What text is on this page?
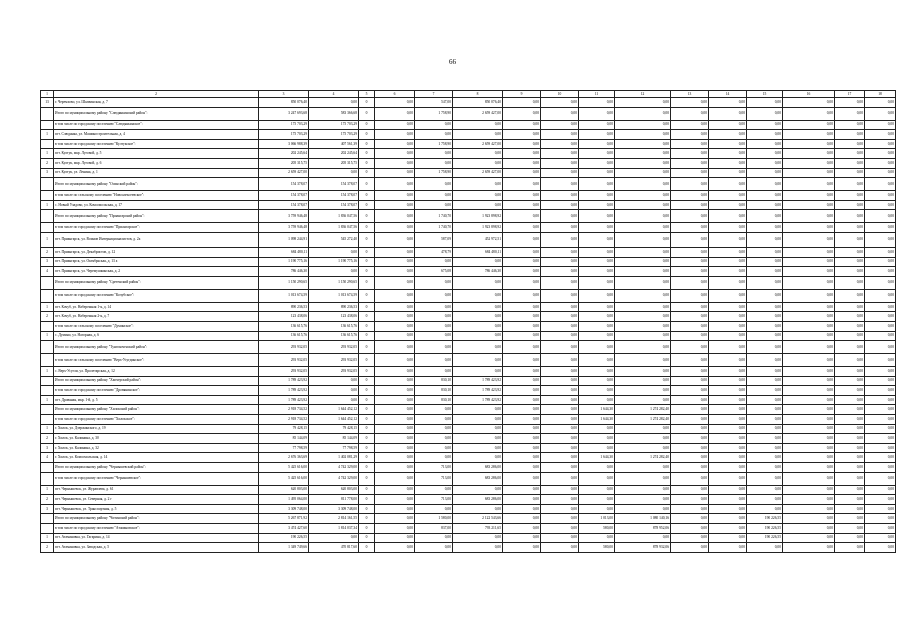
66
1	2	3	4	5	6	7	8	9	10	11	12	13	14	15	16	17	18
13	г. Черемхово, ул. Шалвинская, д. 7	850 076,40	0,00	0	0,00	547,00	850 076,40	0,00	0,00	0,00	0,00	0,00	0,00	0,00	0,00	0,00	0,00
	Итого по муниципальному району "Слюдянкинский район":	3 247 693,68	583 366,68	0	0,00	1 758,90	2 659 427,00	0,00	0,00	0,00	0,00	0,00	0,00	0,00	0,00	0,00	0,00
	в том числе по городскому поселению "Слюдянкинское":	175 703,29	175 703,29	0	0,00	0,00	0,00	0,00	0,00	0,00	0,00	0,00	0,00	0,00	0,00	0,00	0,00
1	пгт. Слюдянка, ул. Машиностроительная, д. 4	175 703,29	175 703,29	0	0,00	0,00	0,00	0,00	0,00	0,00	0,00	0,00	0,00	0,00	0,00	0,00	0,00
	в том числе по городскому поселению "Култукское":	3 066 988,39	407 561,39	0	0,00	1 758,90	2 659 427,00	0,00	0,00	0,00	0,00	0,00	0,00	0,00	0,00	0,00	0,00
1	пгт. Култук, мкр. Луговой, д. 5	202 245,64	202 245,64	0	0,00	0,00	0,00	0,00	0,00	0,00	0,00	0,00	0,00	0,00	0,00	0,00	0,00
2	пгт. Култук, мкр. Луговой, д. 6	205 315,75	205 315,75	0	0,00	0,00	0,00	0,00	0,00	0,00	0,00	0,00	0,00	0,00	0,00	0,00	0,00
3	пгт. Култук, ул. Ленина, д. 1	2 659 427,00	0,00	0	0,00	1 758,90	2 659 427,00	0,00	0,00	0,00	0,00	0,00	0,00	0,00	0,00	0,00	0,00
	Итого по муниципальному району "Осинский район":	154 378,07	154 378,07	0	0,00	0,00	0,00	0,00	0,00	0,00	0,00	0,00	0,00	0,00	0,00	0,00	0,00
	в том числе по сельскому поселению "Новоалексеевское":	154 378,07	154 378,07	0	0,00	0,00	0,00	0,00	0,00	0,00	0,00	0,00	0,00	0,00	0,00	0,00	0,00
1	с. Новый Уладово, ул. Комсомольская, д. 17	154 378,07	154 378,07	0	0,00	0,00	0,00	0,00	0,00	0,00	0,00	0,00	0,00	0,00	0,00	0,00	0,00
	Итого по муниципальному району "Приангарский район":	3 759 946,48	1 836 047,56	0	0,00	1 740,70	1 923 898,92	0,00	0,00	0,00	0,00	0,00	0,00	0,00	0,00	0,00	0,00
	в том числе по городскому поселению "Приангарское":	3 759 946,48	1 836 047,56	0	0,00	1 740,70	1 923 898,92	0,00	0,00	0,00	0,00	0,00	0,00	0,00	0,00	0,00	0,00
1	пгт. Приангарск, ул. Воинов Интернационалистов, д. 2а	1 098 244,91	545 272,40	0	0,00	587,09	452 972,51	0,00	0,00	0,00	0,00	0,00	0,00	0,00	0,00	0,00	0,00
2	пгт. Приангарск, ул. Декабристов, д. 12	684 480,11	0,00	0	0,00	478,79	684 480,11	0,00	0,00	0,00	0,00	0,00	0,00	0,00	0,00	0,00	0,00
3	пгт. Приангарск, ул. Октябрьская, д. 13 а	1 190 775,16	1 190 775,16	0	0,00	0,00	0,00	0,00	0,00	0,00	0,00	0,00	0,00	0,00	0,00	0,00	0,00
4	пгт. Приангарск, ул. Черемушкинская, д. 2	786 446,30	0,00	0	0,00	675,08	786 446,30	0,00	0,00	0,00	0,00	0,00	0,00	0,00	0,00	0,00	0,00
	Итого по муниципальному району "Сретенский район":	1 150 290,65	1 150 290,65	0	0,00	0,00	0,00	0,00	0,00	0,00	0,00	0,00	0,00	0,00	0,00	0,00	0,00
	в том числе по городскому поселению "Кочубское":	1 013 674,59	1 013 674,59	0	0,00	0,00	0,00	0,00	0,00	0,00	0,00	0,00	0,00	0,00	0,00	0,00	0,00
1	пгт. Кочуб, ул. Набережная 1-я, д. 14	890 236,53	890 236,53	0	0,00	0,00	0,00	0,00	0,00	0,00	0,00	0,00	0,00	0,00	0,00	0,00	0,00
2	пгт. Кочуб, ул. Набережная 2-я, д. 7	123 438,06	123 438,06	0	0,00	0,00	0,00	0,00	0,00	0,00	0,00	0,00	0,00	0,00	0,00	0,00	0,00
	в том числе по сельскому поселению "Думинское":	136 615,76	136 615,76	0	0,00	0,00	0,00	0,00	0,00	0,00	0,00	0,00	0,00	0,00	0,00	0,00	0,00
1	с. Думино, ул. Нагорная, д. 6	136 615,76	136 615,76	0	0,00	0,00	0,00	0,00	0,00	0,00	0,00	0,00	0,00	0,00	0,00	0,00	0,00
	Итого по муниципальному району "Тунгокоченский район":	293 932,05	293 932,05	0	0,00	0,00	0,00	0,00	0,00	0,00	0,00	0,00	0,00	0,00	0,00	0,00	0,00
	в том числе по сельскому поселению "Верх-Усугдинское":	293 932,05	293 932,05	0	0,00	0,00	0,00	0,00	0,00	0,00	0,00	0,00	0,00	0,00	0,00	0,00	0,00
1	с. Верх-Усугли, ул. Пролетарская, д. 12	293 932,05	293 932,05	0	0,00	0,00	0,00	0,00	0,00	0,00	0,00	0,00	0,00	0,00	0,00	0,00	0,00
	Итого по муниципальному району "Хапчерский район":	1 789 423,92	0,00	0	0,00	830,10	1 789 423,92	0,00	0,00	0,00	0,00	0,00	0,00	0,00	0,00	0,00	0,00
	в том числе по городскому поселению "Дровянинское":	1 789 423,92	0,00	0	0,00	830,10	1 789 423,92	0,00	0,00	0,00	0,00	0,00	0,00	0,00	0,00	0,00	0,00
1	пгт. Дровяная, мкр. 1-й, д. 5	1 789 423,92	0,00	0	0,00	830,10	1 789 423,92	0,00	0,00	0,00	0,00	0,00	0,00	0,00	0,00	0,00	0,00
	Итого по муниципальному району "Хилокский район":	2 918 734,52	1 644 452,12	0	0,00	0,00	0,00	0,00	0,00	1 644,30	1 274 282,40	0,00	0,00	0,00	0,00	0,00	0,00
	в том числе по городскому поселению "Хилокское":	2 918 734,52	1 644 452,12	0	0,00	0,00	0,00	0,00	0,00	1 644,30	1 274 282,40	0,00	0,00	0,00	0,00	0,00	0,00
1	г. Хилок, ул. Дзержинского, д. 19	79 428,15	79 428,15	0	0,00	0,00	0,00	0,00	0,00	0,00	0,00	0,00	0,00	0,00	0,00	0,00	0,00
2	г. Хилок, ул. Калинина, д. 30	85 144,09	85 144,09	0	0,00	0,00	0,00	0,00	0,00	0,00	0,00	0,00	0,00	0,00	0,00	0,00	0,00
3	г. Хилок, ул. Калинина, д. 32	77 798,59	77 798,59	0	0,00	0,00	0,00	0,00	0,00	0,00	0,00	0,00	0,00	0,00	0,00	0,00	0,00
4	г. Хилок, ул. Комсомольская, д. 14	2 676 363,69	1 402 081,29	0	0,00	0,00	0,00	0,00	0,00	1 644,30	1 274 282,40	0,00	0,00	0,00	0,00	0,00	0,00
	Итого по муниципальному району "Чернышевский район":	5 425 616,00	4 742 329,00	0	0,00	713,00	683 286,00	0,00	0,00	0,00	0,00	0,00	0,00	0,00	0,00	0,00	0,00
	в том числе по городскому поселению "Чернышевское":	5 425 616,00	4 742 329,00	0	0,00	713,00	683 286,00	0,00	0,00	0,00	0,00	0,00	0,00	0,00	0,00	0,00	0,00
1	пгт. Чернышевск, ул. Журавлева, д. 61	620 803,00	620 803,00	0	0,00	0,00	0,00	0,00	0,00	0,00	0,00	0,00	0,00	0,00	0,00	0,00	0,00
2	пгт. Чернышевск, ул. Северная, д. 2 г	1 495 064,00	811 778,00	0	0,00	713,00	683 286,00	0,00	0,00	0,00	0,00	0,00	0,00	0,00	0,00	0,00	0,00
3	пгт. Чернышевск, ул. Транспортная, д. 5	3 309 748,00	3 309 748,00	0	0,00	0,00	0,00	0,00	0,00	0,00	0,00	0,00	0,00	0,00	0,00	0,00	0,00
	Итого по муниципальному району "Читинский район":	5 267 871,92	2 814 161,55	0	0,00	1 580,00	2 122 543,66	0,00	0,00	1 013,00	1 080 140,16	0,00	0,00	190 226,55	0,00	0,00	0,00
	в том числе по городскому поселению "Атамановское":	3 474 427,60	1 814 037,34	0	0,00	837,00	793 211,65	0,00	0,00	580,00	878 952,06	0,00	0,00	190 226,55	0,00	0,00	0,00
1	пгт. Атамановка, ул. Гагарина, д. 14	190 226,55	0,00	0	0,00	0,00	0,00	0,00	0,00	0,00	0,00	0,00	0,00	190 226,55	0,00	0,00	0,00
2	пгт. Атамановка, ул. Заводская, д. 5	1 349 749,66	470 817,60	0	0,00	0,00	0,00	0,00	0,00	580,00	878 932,06	0,00	0,00	0,00	0,00	0,00	0,00
